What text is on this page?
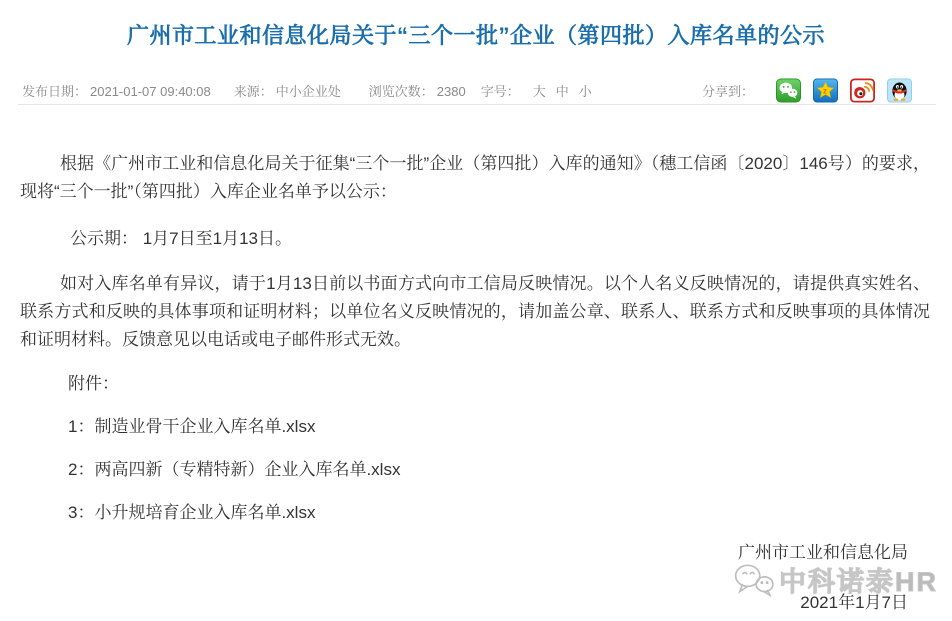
广州市工业和信息化局关于“三个一批”企业（第四批）入库名单的公示
发布日期： 2021-01-07 09:40:08 来源： 中小企业处 浏览次数： 2380 字号： 大 中 小	分享到：	z

根据《广州市工业和信息化局关于征集“三个一批”企业（第四批）入库的通知》（穗工信函〔2020〕146号）的要求，现将“三个一批”（第四批）入库企业名单予以公示：

公示期： 1月7日至1月13日。

如对入库名单有异议，请于1月13日前以书面方式向市工信局反映情况。以个人名义反映情况的，请提供真实姓名、联系方式和反映的具体事项和证明材料；以单位名义反映情况的，请加盖公章、联系人、联系方式和反映事项的具体情况和证明材料。反馈意见以电话或电子邮件形式无效。

附件：

1：制造业骨干企业入库名单.xlsx

2：两高四新（专精特新）企业入库名单.xlsx

3：小升规培育企业入库名单.xlsx

广州市工业和信息化局
2021年1月7日
中科诺泰HR
